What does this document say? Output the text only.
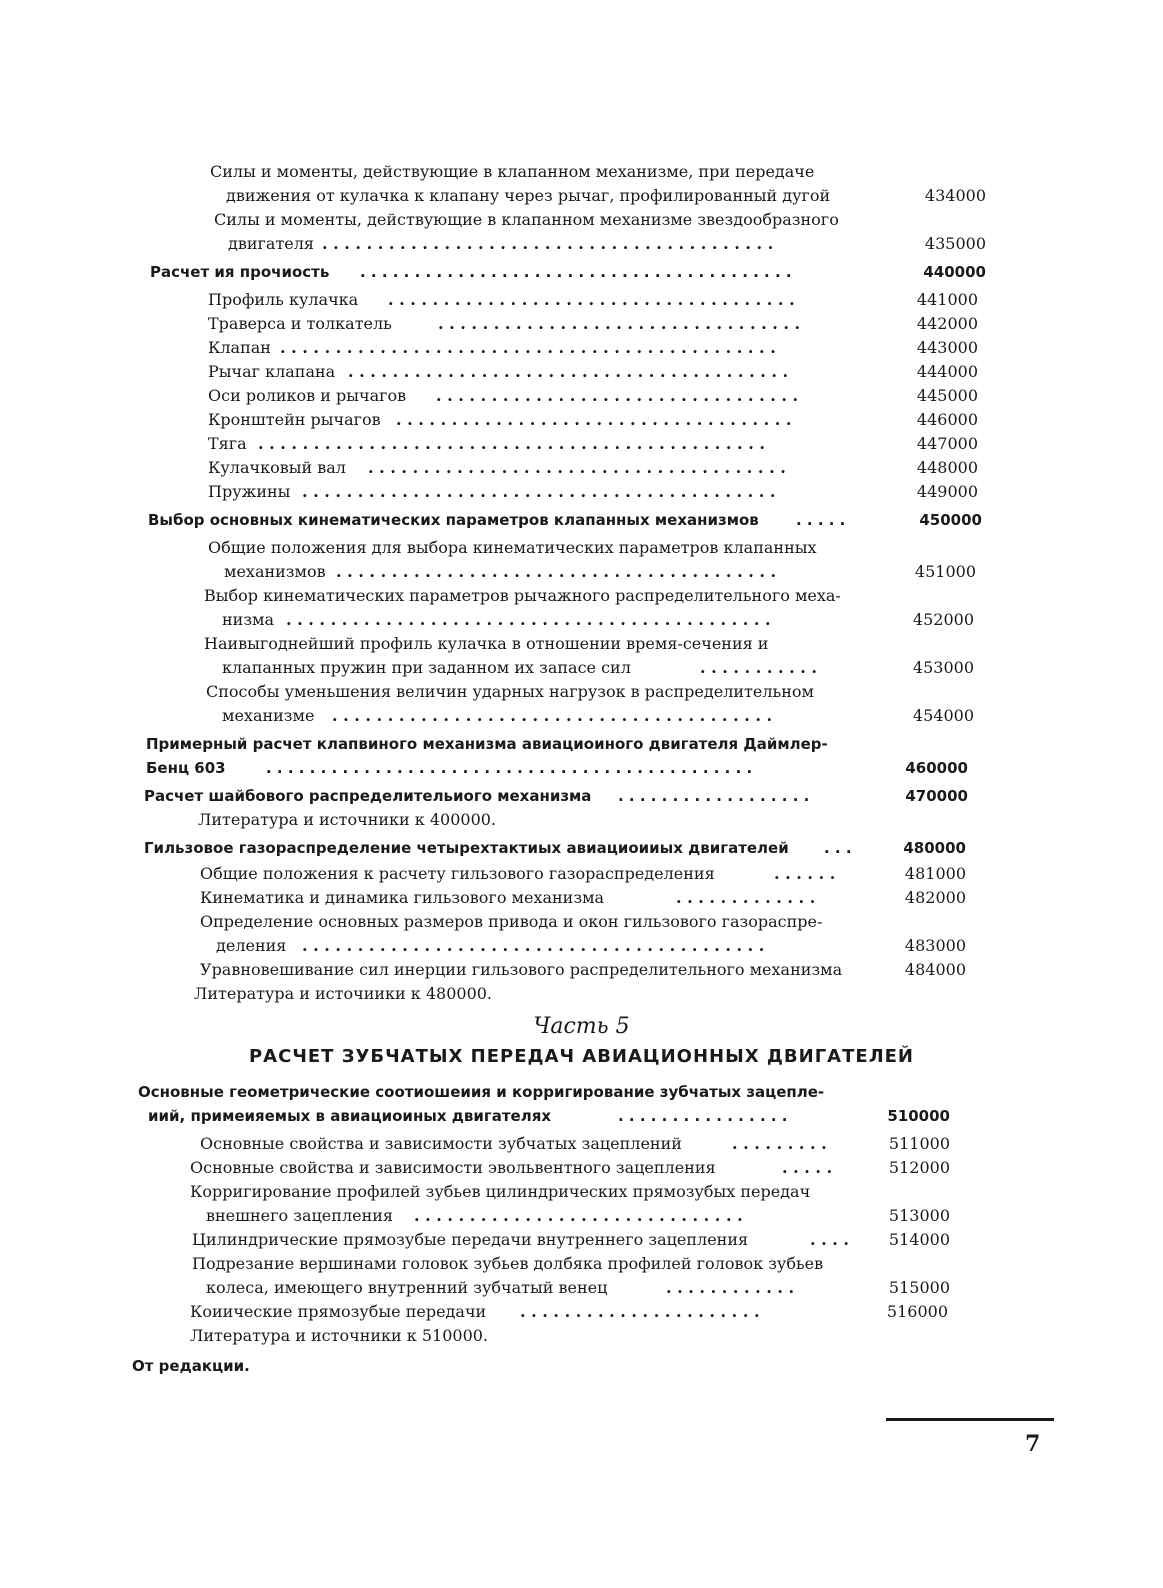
Силы и моменты, действующие в клапанном механизме, при передаче
движения от кулачка к клапану через рычаг, профилированный дугой	434000
Силы и моменты, действующие в клапанном механизме звездообразного
двигателя . . . . . . . . . . . . . . . . . . . . . . . . . . . . . . . . . . . . . . . . .	435000
Расчет ия прочиость . . . . . . . . . . . . . . . . . . . . . . . . . . . . . . . . . . . . . . . .	440000
Профиль кулачка . . . . . . . . . . . . . . . . . . . . . . . . . . . . . . . . . . . . .	441000
Траверса и толкатель	. . . . . . . . . . . . . . . . . . . . . . . . . . . . . . . . .	442000
Клапан . . . . . . . . . . . . . . . . . . . . . . . . . . . . . . . . . . . . . . . . . . . . .	443000
Рычаг клапана . . . . . . . . . . . . . . . . . . . . . . . . . . . . . . . . . . . . . . . .	444000
Оси роликов и рычагов . . . . . . . . . . . . . . . . . . . . . . . . . . . . . . . . .	445000
Кронштейн рычагов . . . . . . . . . . . . . . . . . . . . . . . . . . . . . . . . . . . .	446000
Тяга . . . . . . . . . . . . . . . . . . . . . . . . . . . . . . . . . . . . . . . . . . . . . .	447000
Кулачковый вал . . . . . . . . . . . . . . . . . . . . . . . . . . . . . . . . . . . . . .	448000
Пружины . . . . . . . . . . . . . . . . . . . . . . . . . . . . . . . . . . . . . . . . . . .	449000
Выбор основных кинематических параметров клапанных механизмов . . . . .	450000
Общие положения для выбора кинематических параметров клапанных
механизмов . . . . . . . . . . . . . . . . . . . . . . . . . . . . . . . . . . . . . . . .	451000
Выбор кинематических параметров рычажного распределительного меха-
низма . . . . . . . . . . . . . . . . . . . . . . . . . . . . . . . . . . . . . . . . . . . .	452000
Наивыгоднейший профиль кулачка в отношении время-сечения и
клапанных пружин при заданном их запасе сил	. . . . . . . . . . .	453000
Способы уменьшения величин ударных нагрузок в распределительном
механизме . . . . . . . . . . . . . . . . . . . . . . . . . . . . . . . . . . . . . . . .	454000
Примерный расчет клапвиного механизма авиациоиного двигателя Даймлер-
Бенц 603	. . . . . . . . . . . . . . . . . . . . . . . . . . . . . . . . . . . . . . . . . . . . .	460000
Расчет шайбового распределительиого механизма . . . . . . . . . . . . . . . . . .	470000
Литература и источники к 400000.
Гильзовое газораспределение четырехтактиых авиациоииых двигателей . . .	480000
Общие положения к расчету гильзового газораспределения	. . . . . .	481000
Кинематика и динамика гильзового механизма	. . . . . . . . . . . . .	482000
Определение основных размеров привода и окон гильзового газораспре-
деления . . . . . . . . . . . . . . . . . . . . . . . . . . . . . . . . . . . . . . . . . .	483000
Уравновешивание сил инерции гильзового распределительного механизма	484000
Литература и источиики к 480000.
Часть 5
РАСЧЕТ ЗУБЧАТЫХ ПЕРЕДАЧ АВИАЦИОННЫХ ДВИГАТЕЛЕЙ
Основные геометрические соотиошеиия и корригирование зубчатых зацепле-
иий, примеияемых в авиациоиных двигателях	. . . . . . . . . . . . . . . .	510000
Основные свойства и зависимости зубчатых зацеплений	. . . . . . . . .	511000
Основные свойства и зависимости эвольвентного зацепления	. . . . .	512000
Корригирование профилей зубьев цилиндрических прямозубых передач
внешнего зацепления . . . . . . . . . . . . . . . . . . . . . . . . . . . . . .	513000
Цилиндрические прямозубые передачи внутреннего зацепления	. . . .	514000
Подрезание вершинами головок зубьев долбяка профилей головок зубьев
колеса, имеющего внутренний зубчатый венец	. . . . . . . . . . . .	515000
Коиические прямозубые передачи . . . . . . . . . . . . . . . . . . . . . .	516000
Литература и источники к 510000.
От редакции.
7
